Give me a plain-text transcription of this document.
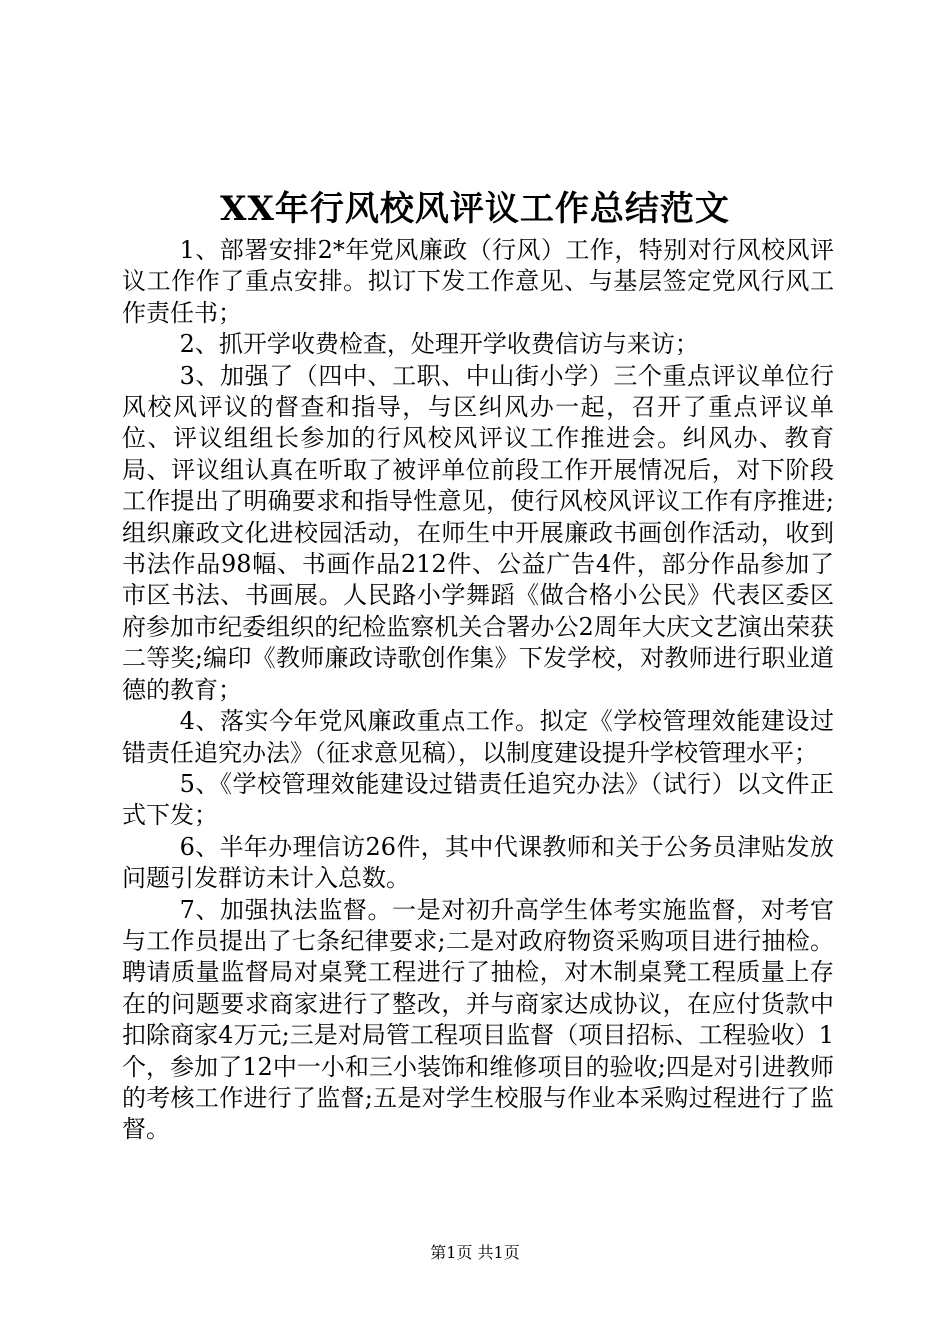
XX年行风校风评议工作总结范文

1、部署安排2*年党风廉政（行风）工作，特别对行风校风评议工作作了重点安排。拟订下发工作意见、与基层签定党风行风工作责任书；

2、抓开学收费检查，处理开学收费信访与来访；

3、加强了（四中、工职、中山街小学）三个重点评议单位行风校风评议的督查和指导，与区纠风办一起，召开了重点评议单位、评议组组长参加的行风校风评议工作推进会。纠风办、教育局、评议组认真在听取了被评单位前段工作开展情况后，对下阶段工作提出了明确要求和指导性意见，使行风校风评议工作有序推进;组织廉政文化进校园活动，在师生中开展廉政书画创作活动，收到书法作品98幅、书画作品212件、公益广告4件，部分作品参加了市区书法、书画展。人民路小学舞蹈《做合格小公民》代表区委区府参加市纪委组织的纪检监察机关合署办公2周年大庆文艺演出荣获二等奖;编印《教师廉政诗歌创作集》下发学校，对教师进行职业道德的教育；

4、落实今年党风廉政重点工作。拟定《学校管理效能建设过错责任追究办法》（征求意见稿），以制度建设提升学校管理水平；

5、《学校管理效能建设过错责任追究办法》（试行）以文件正式下发；

6、半年办理信访26件，其中代课教师和关于公务员津贴发放问题引发群访未计入总数。

7、加强执法监督。一是对初升高学生体考实施监督，对考官与工作员提出了七条纪律要求;二是对政府物资采购项目进行抽检。聘请质量监督局对桌凳工程进行了抽检，对木制桌凳工程质量上存在的问题要求商家进行了整改，并与商家达成协议，在应付货款中扣除商家4万元;三是对局管工程项目监督（项目招标、工程验收）1个，参加了12中一小和三小装饰和维修项目的验收;四是对引进教师的考核工作进行了监督;五是对学生校服与作业本采购过程进行了监督。

第1页 共1页
